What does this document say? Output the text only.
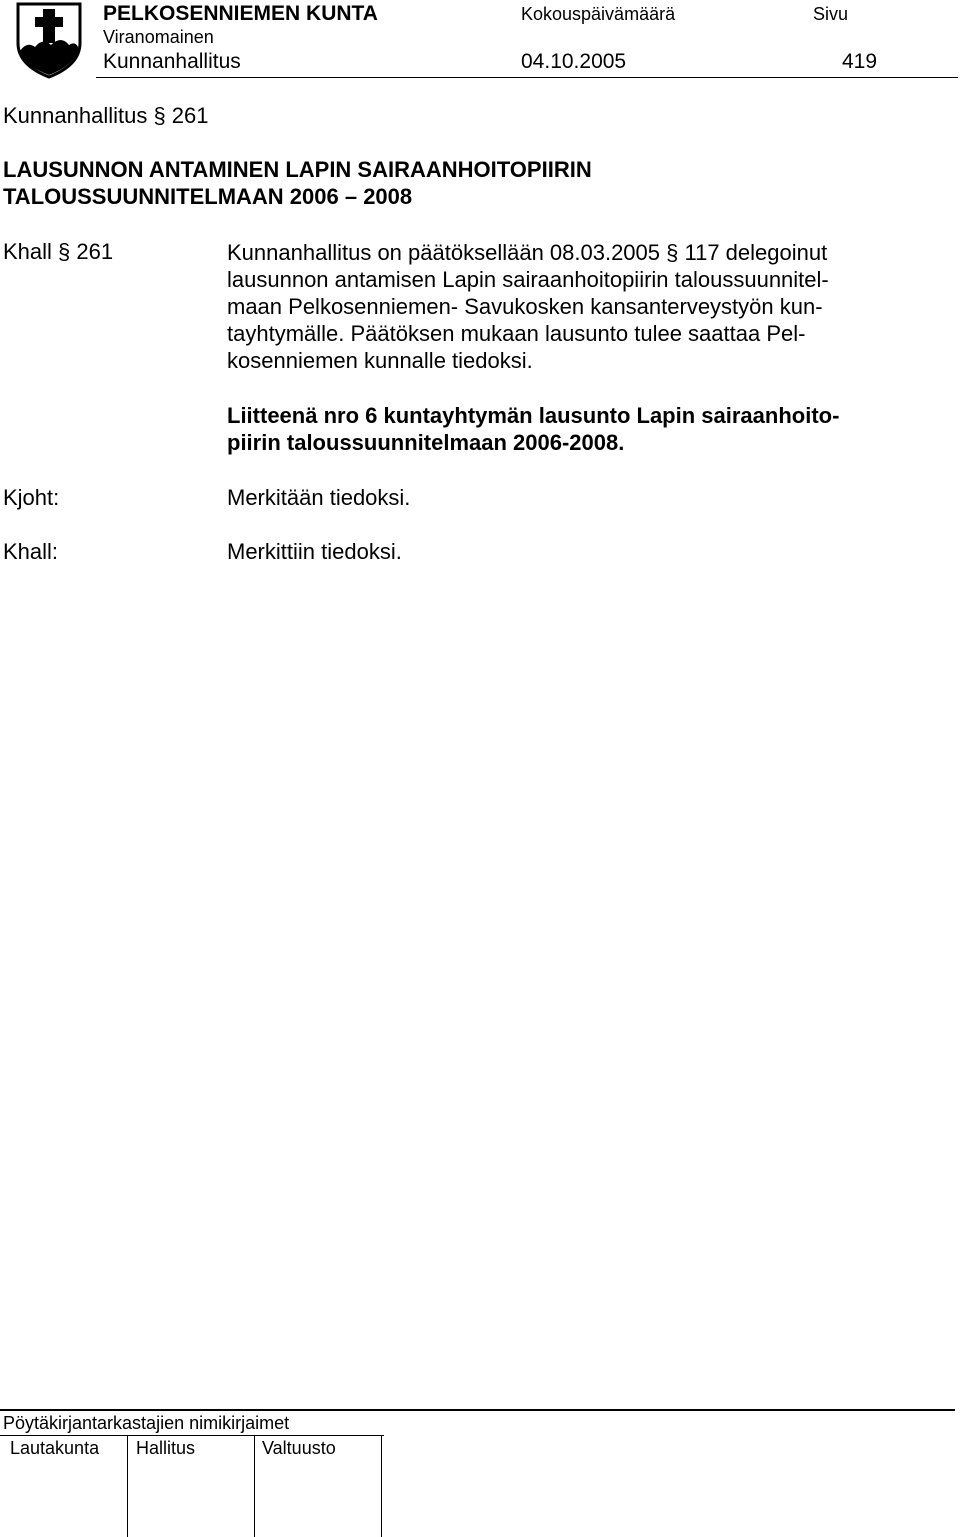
PELKOSENNIEMEN KUNTA
Viranomainen
Kunnanhallitus
Kokouspäivämäärä
04.10.2005
Sivu
419
Kunnanhallitus § 261
LAUSUNNON ANTAMINEN LAPIN SAIRAANHOITOPIIRIN
TALOUSSUUNNITELMAAN 2006 – 2008
Khall § 261	Kunnanhallitus on päätöksellään 08.03.2005 § 117 delegoinut

lausunnon antamisen Lapin sairaanhoitopiirin taloussuunnitel-

maan Pelkosenniemen- Savukosken kansanterveystyön kun-

tayhtymälle. Päätöksen mukaan lausunto tulee saattaa Pel-

kosenniemen kunnalle tiedoksi.

Liitteenä nro 6 kuntayhtymän lausunto Lapin sairaanhoito-

piirin taloussuunnitelmaan 2006-2008.

Kjoht:	Merkitään tiedoksi.
Khall:	Merkittiin tiedoksi.
Pöytäkirjantarkastajien nimikirjaimet
Lautakunta Hallitus	Valtuusto
